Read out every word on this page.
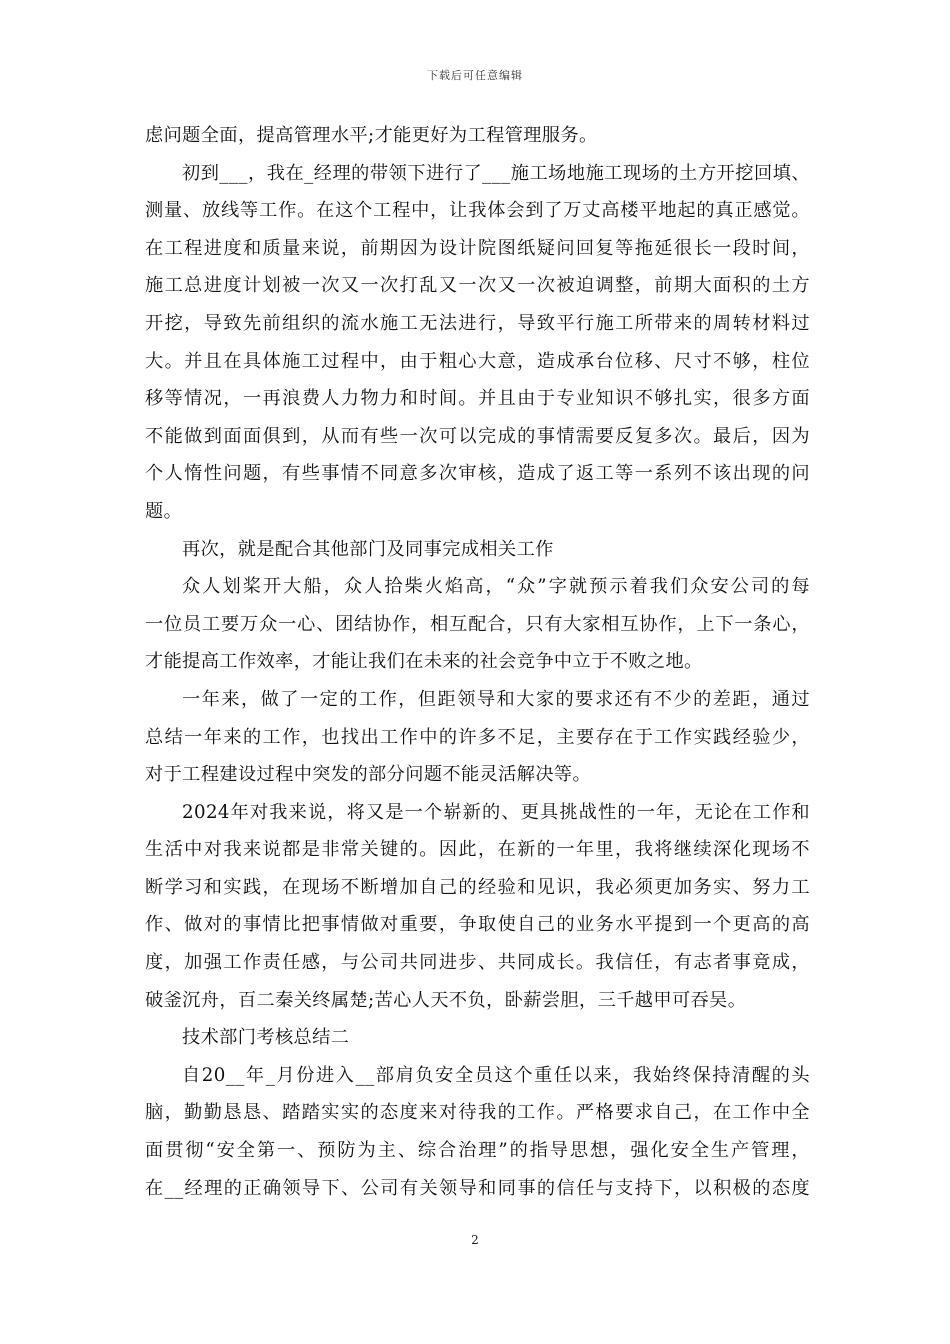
下载后可任意编辑
虑问题全面，提高管理水平;才能更好为工程管理服务。
初到___，我在_经理的带领下进行了___施工场地施工现场的土方开挖回填、
测量、放线等工作。在这个工程中，让我体会到了万丈高楼平地起的真正感觉。
在工程进度和质量来说，前期因为设计院图纸疑问回复等拖延很长一段时间，
施工总进度计划被一次又一次打乱又一次又一次被迫调整，前期大面积的土方
开挖，导致先前组织的流水施工无法进行，导致平行施工所带来的周转材料过
大。并且在具体施工过程中，由于粗心大意，造成承台位移、尺寸不够，柱位
移等情况，一再浪费人力物力和时间。并且由于专业知识不够扎实，很多方面
不能做到面面俱到，从而有些一次可以完成的事情需要反复多次。最后，因为
个人惰性问题，有些事情不同意多次审核，造成了返工等一系列不该出现的问
题。
再次，就是配合其他部门及同事完成相关工作
众人划桨开大船，众人拾柴火焰高，“众”字就预示着我们众安公司的每
一位员工要万众一心、团结协作，相互配合，只有大家相互协作，上下一条心，
才能提高工作效率，才能让我们在未来的社会竞争中立于不败之地。
一年来，做了一定的工作，但距领导和大家的要求还有不少的差距，通过
总结一年来的工作，也找出工作中的许多不足，主要存在于工作实践经验少，
对于工程建设过程中突发的部分问题不能灵活解决等。
2024年对我来说，将又是一个崭新的、更具挑战性的一年，无论在工作和
生活中对我来说都是非常关键的。因此，在新的一年里，我将继续深化现场不
断学习和实践，在现场不断增加自己的经验和见识，我必须更加务实、努力工
作、做对的事情比把事情做对重要，争取使自己的业务水平提到一个更高的高
度，加强工作责任感，与公司共同进步、共同成长。我信任，有志者事竟成，
破釜沉舟，百二秦关终属楚;苦心人天不负，卧薪尝胆，三千越甲可吞吴。
技术部门考核总结二
自20__年_月份进入__部肩负安全员这个重任以来，我始终保持清醒的头
脑，勤勤恳恳、踏踏实实的态度来对待我的工作。严格要求自己，在工作中全
面贯彻“安全第一、预防为主、综合治理”的指导思想，强化安全生产管理，
在__经理的正确领导下、公司有关领导和同事的信任与支持下，以积极的态度
2
